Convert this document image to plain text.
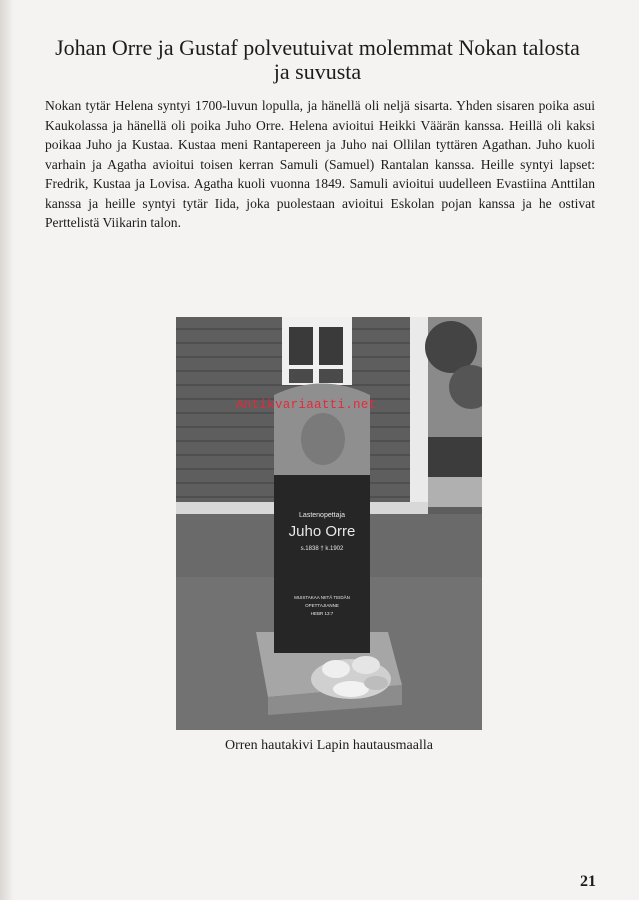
Johan Orre ja Gustaf polveutuivat molemmat Nokan talosta
ja suvusta

Nokan tytär Helena syntyi 1700-luvun lopulla, ja hänellä oli neljä sisarta. Yhden sisaren poika asui Kaukolassa ja hänellä oli poika Juho Orre. Helena avioitui Heikki Väärän kanssa. Heillä oli kaksi poikaa Juho ja Kustaa. Kustaa meni Rantapereen ja Juho nai Ollilan tyttären Agathan. Juho kuoli varhain ja Agatha avioitui toisen kerran Samuli (Samuel) Rantalan kanssa. Heille syntyi lapset: Fredrik, Kustaa ja Lovisa. Agatha kuoli vuonna 1849. Samuli avioitui uudelleen Evastiina Anttilan kanssa ja heille syntyi tytär Iida, joka puolestaan avioitui Eskolan pojan kanssa ja he ostivat Perttelistä Viikarin talon.

Lastenopettaja
Juho Orre
s.1838 † k.1902
MUISTAKAA NIITÄ TEIDÄN
OPETTAJIANNE
HEBR 13:7
Antikvariaatti.net

Orren hautakivi Lapin hautausmaalla

21
